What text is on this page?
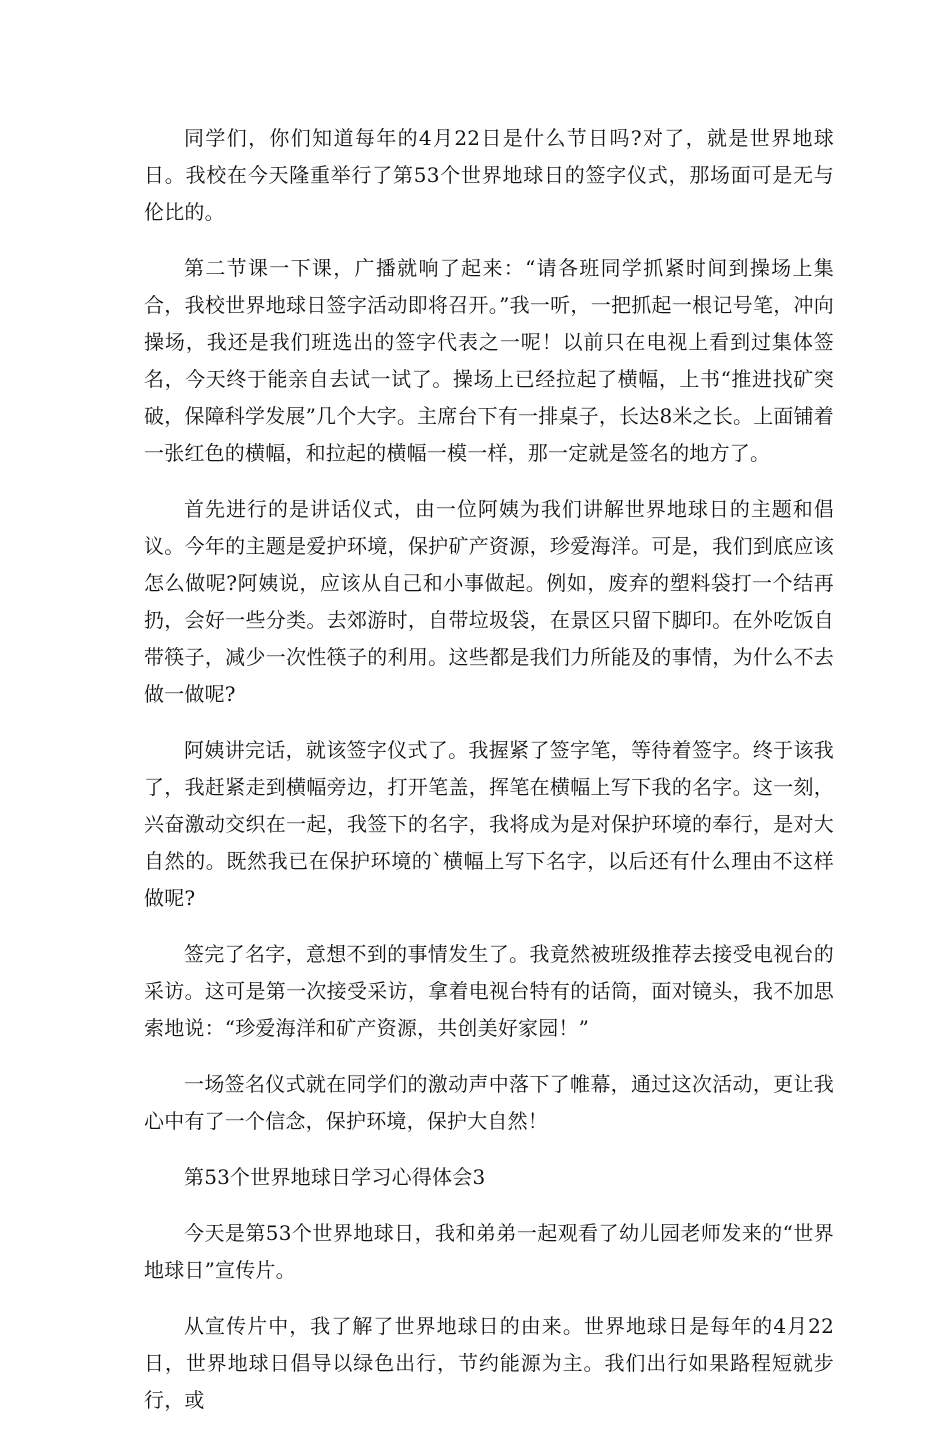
同学们，你们知道每年的4月22日是什么节日吗?对了，就是世界地球日。我校在今天隆重举行了第53个世界地球日的签字仪式，那场面可是无与伦比的。

第二节课一下课，广播就响了起来：“请各班同学抓紧时间到操场上集合，我校世界地球日签字活动即将召开。”我一听，一把抓起一根记号笔，冲向操场，我还是我们班选出的签字代表之一呢！以前只在电视上看到过集体签名，今天终于能亲自去试一试了。操场上已经拉起了横幅，上书“推进找矿突破，保障科学发展”几个大字。主席台下有一排桌子，长达8米之长。上面铺着一张红色的横幅，和拉起的横幅一模一样，那一定就是签名的地方了。

首先进行的是讲话仪式，由一位阿姨为我们讲解世界地球日的主题和倡议。今年的主题是爱护环境，保护矿产资源，珍爱海洋。可是，我们到底应该怎么做呢?阿姨说，应该从自己和小事做起。例如，废弃的塑料袋打一个结再扔，会好一些分类。去郊游时，自带垃圾袋，在景区只留下脚印。在外吃饭自带筷子，减少一次性筷子的利用。这些都是我们力所能及的事情，为什么不去做一做呢?

阿姨讲完话，就该签字仪式了。我握紧了签字笔，等待着签字。终于该我了，我赶紧走到横幅旁边，打开笔盖，挥笔在横幅上写下我的名字。这一刻，兴奋激动交织在一起，我签下的名字，我将成为是对保护环境的奉行，是对大自然的。既然我已在保护环境的`横幅上写下名字，以后还有什么理由不这样做呢?

签完了名字，意想不到的事情发生了。我竟然被班级推荐去接受电视台的采访。这可是第一次接受采访，拿着电视台特有的话筒，面对镜头，我不加思索地说：“珍爱海洋和矿产资源，共创美好家园！”

一场签名仪式就在同学们的激动声中落下了帷幕，通过这次活动，更让我心中有了一个信念，保护环境，保护大自然！

第53个世界地球日学习心得体会3

今天是第53个世界地球日，我和弟弟一起观看了幼儿园老师发来的“世界地球日”宣传片。

从宣传片中，我了解了世界地球日的由来。世界地球日是每年的4月22日，世界地球日倡导以绿色出行，节约能源为主。我们出行如果路程短就步行，或
